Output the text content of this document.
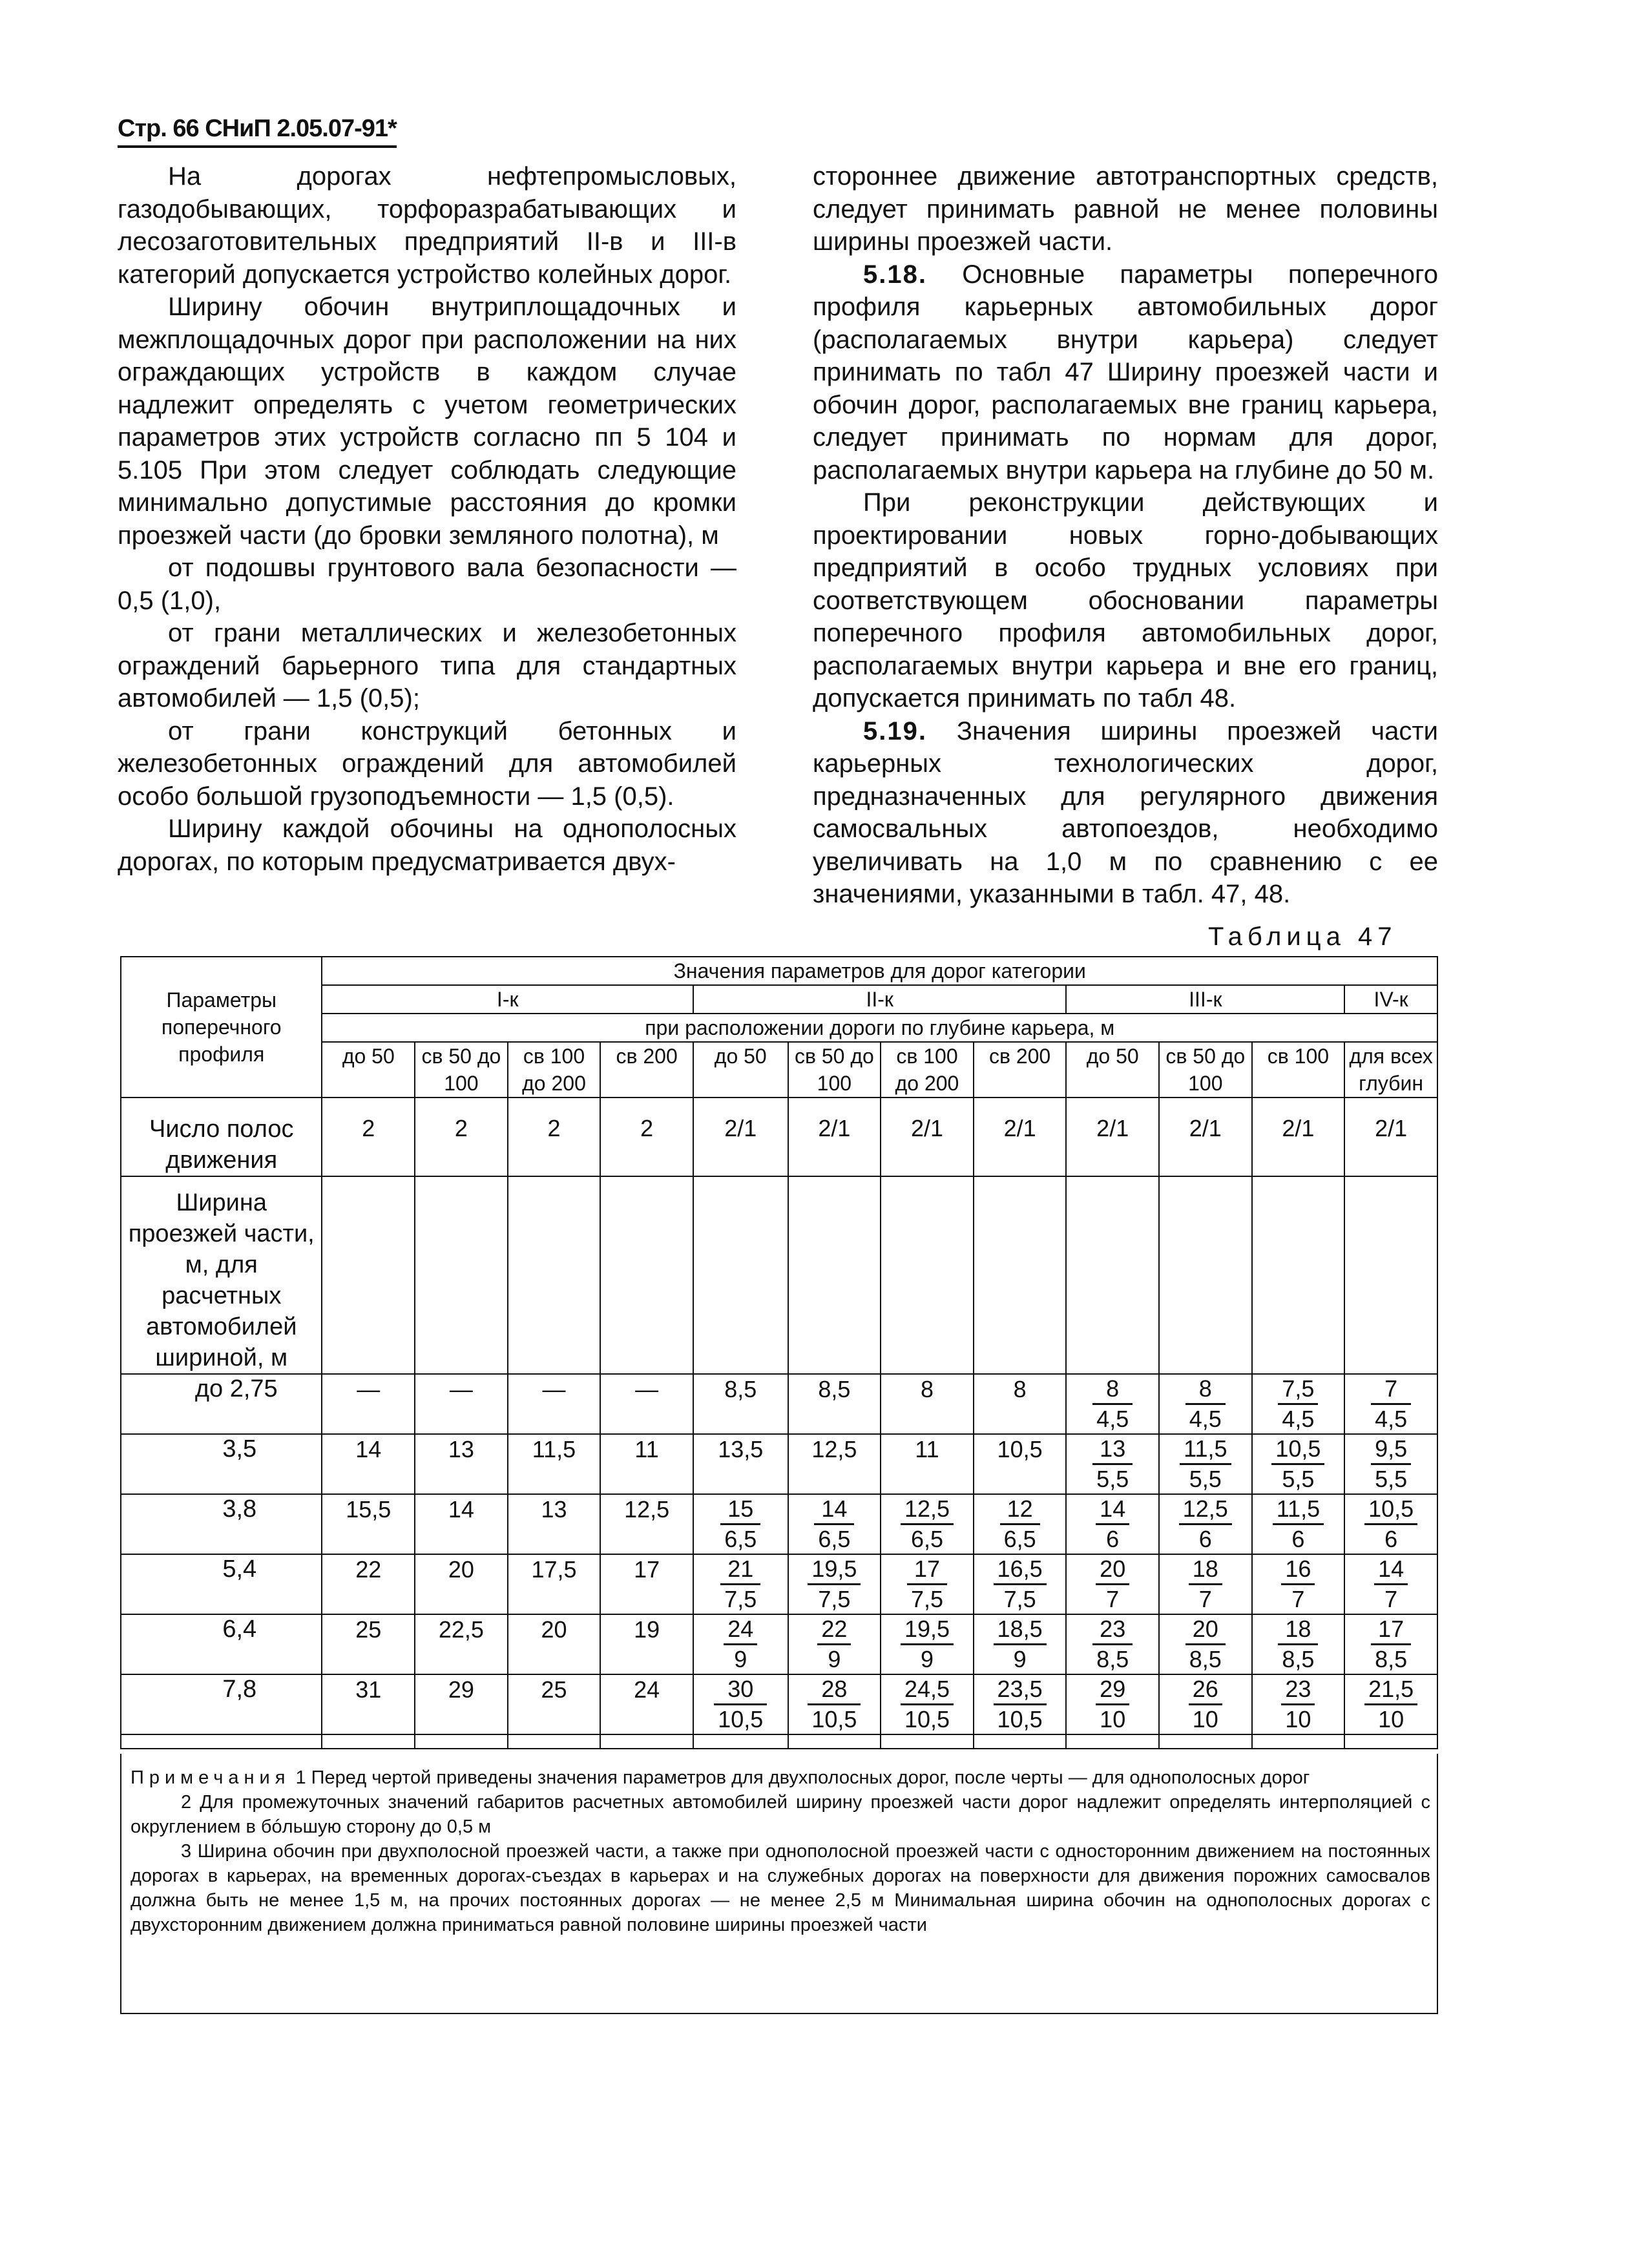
Стр. 66 СНиП 2.05.07-91*

На дорогах нефтепромысловых, газодобывающих, торфоразрабатывающих и лесозаготовительных предприятий II-в и III-в категорий допускается устройство колейных дорог.

Ширину обочин внутриплощадочных и межплощадочных дорог при расположении на них ограждающих устройств в каждом случае надлежит определять с учетом геометрических параметров этих устройств согласно пп 5 104 и 5.105 При этом следует соблюдать следующие минимально допустимые расстояния до кромки проезжей части (до бровки земляного полотна), м

от подошвы грунтового вала безопасности — 0,5 (1,0),

от грани металлических и железобетонных ограждений барьерного типа для стандартных автомобилей — 1,5 (0,5);

от грани конструкций бетонных и железобетонных ограждений для автомобилей особо большой грузоподъемности — 1,5 (0,5).

Ширину каждой обочины на однополосных дорогах, по которым предусматривается двух-

стороннее движение автотранспортных средств, следует принимать равной не менее половины ширины проезжей части.

5.18. Основные параметры поперечного профиля карьерных автомобильных дорог (располагаемых внутри карьера) следует принимать по табл 47 Ширину проезжей части и обочин дорог, располагаемых вне границ карьера, следует принимать по нормам для дорог, располагаемых внутри карьера на глубине до 50 м.

При реконструкции действующих и проектировании новых горно-добывающих предприятий в особо трудных условиях при соответствующем обосновании параметры поперечного профиля автомобильных дорог, располагаемых внутри карьера и вне его границ, допускается принимать по табл 48.

5.19. Значения ширины проезжей части карьерных технологических дорог, предназначенных для регулярного движения самосвальных автопоездов, необходимо увеличивать на 1,0 м по сравнению с ее значениями, указанными в табл. 47, 48.

Таблица 47
Параметры поперечного профиля	Значения параметров для дорог категории											
	I-к				II-к				III-к			IV-к
	при расположении дороги по глубине карьера, м											
	до 50	св 50 до 100	св 100 до 200	св 200	до 50	св 50 до 100	св 100 до 200	св 200	до 50	св 50 до 100	св 100	для всех глубин
Число полос движения	2	2	2	2	2/1	2/1	2/1	2/1	2/1	2/1	2/1	2/1
Ширина проезжей части, м, для расчетных автомобилей шириной, м												
до 2,75	—	—	—	—	8,5	8,5	8	8	$\frac{8}{4,5}$	$\frac{8}{4,5}$	$\frac{7,5}{4,5}$	$\frac{7}{4,5}$

3,5	14	13	11,5	11	13,5	12,5	11	10,5	$\frac{13}{5,5}$	$\frac{11,5}{5,5}$	$\frac{10,5}{5,5}$	$\frac{9,5}{5,5}$

3,8	15,5	14	13	12,5	$\frac{15}{6,5}$	$\frac{14}{6,5}$	$\frac{12,5}{6,5}$	$\frac{12}{6,5}$	$\frac{14}{6}$	$\frac{12,5}{6}$	$\frac{11,5}{6}$	$\frac{10,5}{6}$

5,4	22	20	17,5	17	$\frac{21}{7,5}$	$\frac{19,5}{7,5}$	$\frac{17}{7,5}$	$\frac{16,5}{7,5}$	$\frac{20}{7}$	$\frac{18}{7}$	$\frac{16}{7}$	$\frac{14}{7}$

6,4	25	22,5	20	19	$\frac{24}{9}$	$\frac{22}{9}$	$\frac{19,5}{9}$	$\frac{18,5}{9}$	$\frac{23}{8,5}$	$\frac{20}{8,5}$	$\frac{18}{8,5}$	$\frac{17}{8,5}$

7,8	31	29	25	24	$\frac{30}{10,5}$	$\frac{28}{10,5}$	$\frac{24,5}{10,5}$	$\frac{23,5}{10,5}$	$\frac{29}{10}$	$\frac{26}{10}$	$\frac{23}{10}$	$\frac{21,5}{10}$

Примечания 1 Перед чертой приведены значения параметров для двухполосных дорог, после черты — для однополосных дорог

2 Для промежуточных значений габаритов расчетных автомобилей ширину проезжей части дорог надлежит определять интерполяцией с округлением в бóльшую сторону до 0,5 м

3 Ширина обочин при двухполосной проезжей части, а также при однополосной проезжей части с односторонним движением на постоянных дорогах в карьерах, на временных дорогах-съездах в карьерах и на служебных дорогах на поверхности для движения порожних самосвалов должна быть не менее 1,5 м, на прочих постоянных дорогах — не менее 2,5 м Минимальная ширина обочин на однополосных дорогах с двухсторонним движением должна приниматься равной половине ширины проезжей части
